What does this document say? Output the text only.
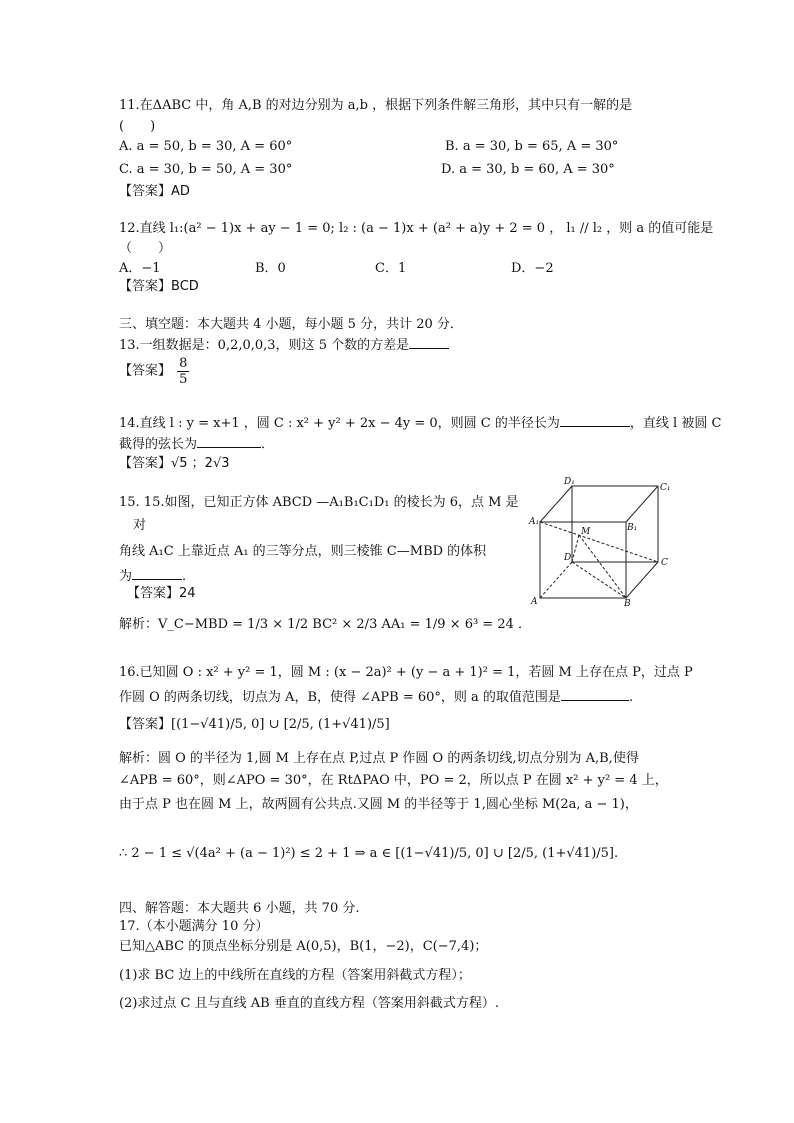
11.在ΔABC 中，角 A,B 的对边分别为 a,b ，根据下列条件解三角形，其中只有一解的是
(　　)
A. a = 50, b = 30, A = 60°	B. a = 30, b = 65, A = 30°
C. a = 30, b = 50, A = 30°	D. a = 30, b = 60, A = 30°
【答案】AD
12.直线 l₁:(a² − 1)x + ay − 1 = 0; l₂ : (a − 1)x + (a² + a)y + 2 = 0 ， l₁ // l₂ ，则 a 的值可能是
（　　）
A．−1	B．0	C．1	D．−2
【答案】BCD
三、填空题：本大题共 4 小题，每小题 5 分，共计 20 分．
13.一组数据是：0,2,0,0,3，则这 5 个数的方差是
【答案】 $\frac{8}{5}$
14.直线 l : y = x+1 ，圆 C : x² + y² + 2x − 4y = 0，则圆 C 的半径长为	，直线 l 被圆 C
截得的弦长为	．
【答案】√5 ；2√3
15. 15.如图，已知正方体 ABCD —A₁B₁C₁D₁ 的棱长为 6，点 M 是
对
角线 A₁C 上靠近点 A₁ 的三等分点，则三棱锥 C—MBD 的体积
为	．
【答案】24
解析：V_C−MBD = 1/3 × 1/2 BC² × 2/3 AA₁ = 1/9 × 6³ = 24 ．
D₁
C₁
A₁
B₁
M
D	C
A	B
16.已知圆 O : x² + y² = 1，圆 M : (x − 2a)² + (y − a + 1)² = 1，若圆 M 上存在点 P，过点 P
作圆 O 的两条切线，切点为 A，B，使得 ∠APB = 60°，则 a 的取值范围是	.
【答案】[(1−√41)/5, 0] ∪ [2/5, (1+√41)/5]
解析：圆 O 的半径为 1,圆 M 上存在点 P,过点 P 作圆 O 的两条切线,切点分别为 A,B,使得
∠APB = 60°，则∠APO = 30°，在 RtΔPAO 中，PO = 2，所以点 P 在圆 x² + y² = 4 上，
由于点 P 也在圆 M 上，故两圆有公共点.又圆 M 的半径等于 1,圆心坐标 M(2a, a − 1)，
∴ 2 − 1 ≤ √(4a² + (a − 1)²) ≤ 2 + 1 ⇒ a ∈ [(1−√41)/5, 0] ∪ [2/5, (1+√41)/5].
四、解答题：本大题共 6 小题，共 70 分.
17.（本小题满分 10 分）
已知△ABC 的顶点坐标分别是 A(0,5)，B(1，−2)，C(−7,4)；
(1)求 BC 边上的中线所在直线的方程（答案用斜截式方程）；
(2)求过点 C 且与直线 AB 垂直的直线方程（答案用斜截式方程）.
